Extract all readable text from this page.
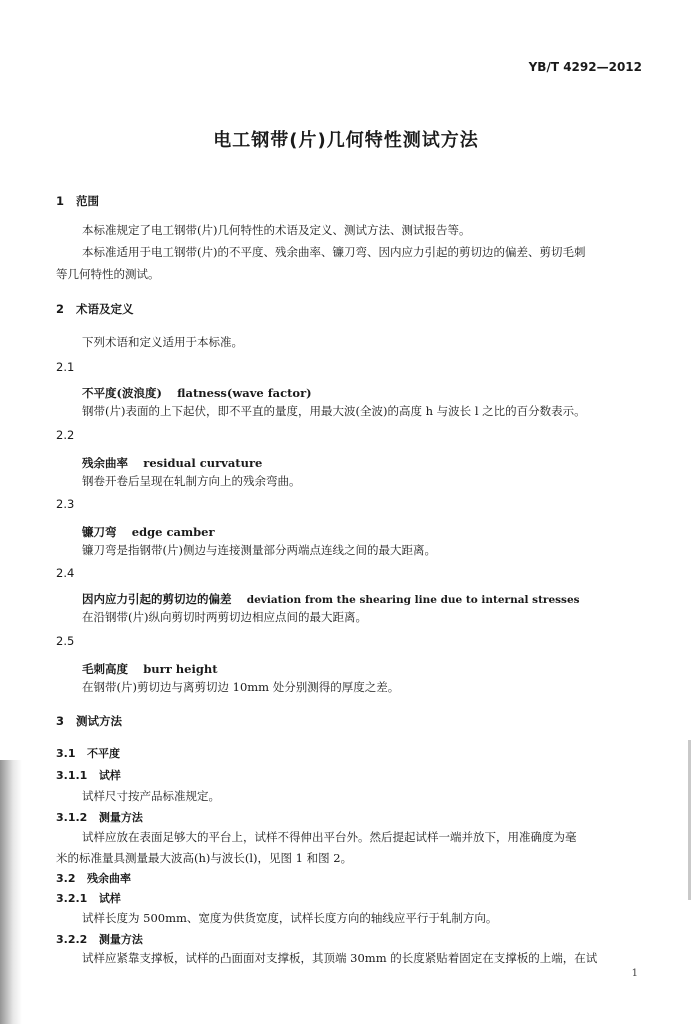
YB/T 4292—2012
电工钢带(片)几何特性测试方法
1 范围
本标准规定了电工钢带(片)几何特性的术语及定义、测试方法、测试报告等。
本标准适用于电工钢带(片)的不平度、残余曲率、镰刀弯、因内应力引起的剪切边的偏差、剪切毛刺
等几何特性的测试。
2 术语及定义
下列术语和定义适用于本标准。
2.1
不平度(波浪度) flatness(wave factor)
钢带(片)表面的上下起伏，即不平直的量度，用最大波(全波)的高度 h 与波长 l 之比的百分数表示。
2.2
残余曲率 residual curvature
钢卷开卷后呈现在轧制方向上的残余弯曲。
2.3
镰刀弯 edge camber
镰刀弯是指钢带(片)侧边与连接测量部分两端点连线之间的最大距离。
2.4
因内应力引起的剪切边的偏差 deviation from the shearing line due to internal stresses
在沿钢带(片)纵向剪切时两剪切边相应点间的最大距离。
2.5
毛刺高度 burr height
在钢带(片)剪切边与离剪切边 10mm 处分别测得的厚度之差。
3 测试方法
3.1 不平度
3.1.1 试样
试样尺寸按产品标准规定。
3.1.2 测量方法
试样应放在表面足够大的平台上，试样不得伸出平台外。然后提起试样一端并放下，用准确度为毫
米的标准量具测量最大波高(h)与波长(l)，见图 1 和图 2。
3.2 残余曲率
3.2.1 试样
试样长度为 500mm、宽度为供货宽度，试样长度方向的轴线应平行于轧制方向。
3.2.2 测量方法
试样应紧靠支撑板，试样的凸面面对支撑板，其顶端 30mm 的长度紧贴着固定在支撑板的上端，在试
1
